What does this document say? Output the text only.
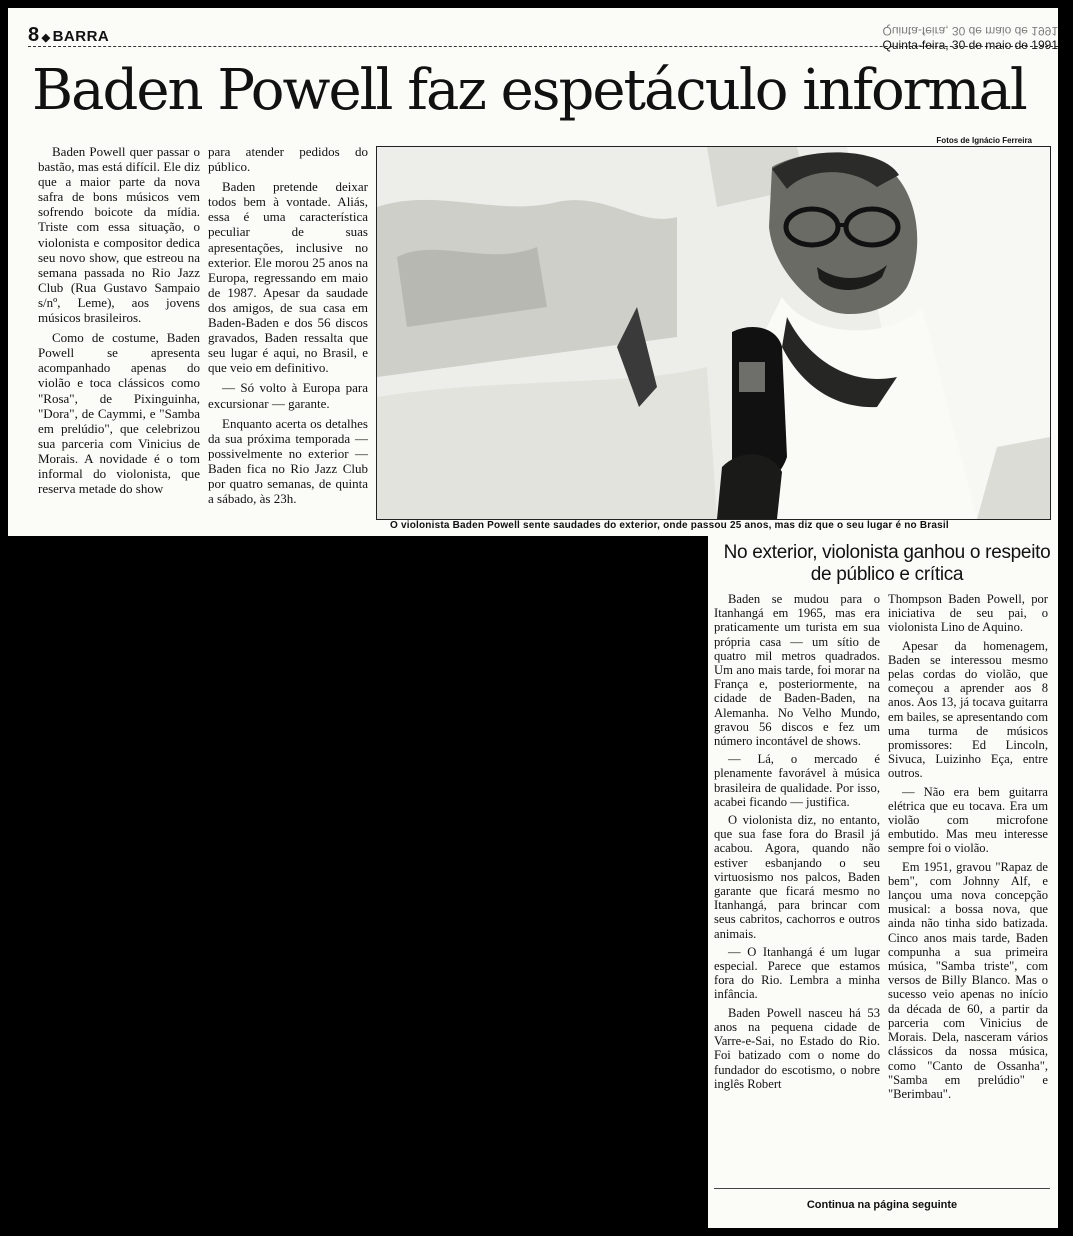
8 ◆ BARRA	Quinta-feira, 30 de maio de 1991
Quinta-feira, 30 de maio de 1991
Baden Powell faz espetáculo informal

Baden Powell quer passar o bastão, mas está difícil. Ele diz que a maior parte da nova safra de bons músicos vem sofrendo boicote da mídia. Triste com essa situação, o violonista e compositor dedica seu novo show, que estreou na semana passada no Rio Jazz Club (Rua Gustavo Sampaio s/nº, Leme), aos jovens músicos brasileiros.

Como de costume, Baden Powell se apresenta acompanhado apenas do violão e toca clássicos como "Rosa", de Pixinguinha, "Dora", de Caymmi, e "Samba em prelúdio", que celebrizou sua parceria com Vinicius de Morais. A novidade é o tom informal do violonista, que reserva metade do show

para atender pedidos do público.

Baden pretende deixar todos bem à vontade. Aliás, essa é uma característica peculiar de suas apresentações, inclusive no exterior. Ele morou 25 anos na Europa, regressando em maio de 1987. Apesar da saudade dos amigos, de sua casa em Baden-Baden e dos 56 discos gravados, Baden ressalta que seu lugar é aqui, no Brasil, e que veio em definitivo.

— Só volto à Europa para excursionar — garante.

Enquanto acerta os detalhes da sua próxima temporada — possivelmente no exterior — Baden fica no Rio Jazz Club por quatro semanas, de quinta a sábado, às 23h.

Fotos de Ignácio Ferreira
O violonista Baden Powell sente saudades do exterior, onde passou 25 anos, mas diz que o seu lugar é no Brasil
No exterior, violonista ganhou o respeito de público e crítica

Baden se mudou para o Itanhangá em 1965, mas era praticamente um turista em sua própria casa — um sítio de quatro mil metros quadrados. Um ano mais tarde, foi morar na França e, posteriormente, na cidade de Baden-Baden, na Alemanha. No Velho Mundo, gravou 56 discos e fez um número incontável de shows.

— Lá, o mercado é plenamente favorável à música brasileira de qualidade. Por isso, acabei ficando — justifica.

O violonista diz, no entanto, que sua fase fora do Brasil já acabou. Agora, quando não estiver esbanjando o seu virtuosismo nos palcos, Baden garante que ficará mesmo no Itanhangá, para brincar com seus cabritos, cachorros e outros animais.

— O Itanhangá é um lugar especial. Parece que estamos fora do Rio. Lembra a minha infância.

Baden Powell nasceu há 53 anos na pequena cidade de Varre-e-Sai, no Estado do Rio. Foi batizado com o nome do fundador do escotismo, o nobre inglês Robert

Thompson Baden Powell, por iniciativa de seu pai, o violonista Lino de Aquino.

Apesar da homenagem, Baden se interessou mesmo pelas cordas do violão, que começou a aprender aos 8 anos. Aos 13, já tocava guitarra em bailes, se apresentando com uma turma de músicos promissores: Ed Lincoln, Sivuca, Luizinho Eça, entre outros.

— Não era bem guitarra elétrica que eu tocava. Era um violão com microfone embutido. Mas meu interesse sempre foi o violão.

Em 1951, gravou "Rapaz de bem", com Johnny Alf, e lançou uma nova concepção musical: a bossa nova, que ainda não tinha sido batizada. Cinco anos mais tarde, Baden compunha a sua primeira música, "Samba triste", com versos de Billy Blanco. Mas o sucesso veio apenas no início da década de 60, a partir da parceria com Vinicius de Morais. Dela, nasceram vários clássicos da nossa música, como "Canto de Ossanha", "Samba em prelúdio" e "Berimbau".

Continua na página seguinte
